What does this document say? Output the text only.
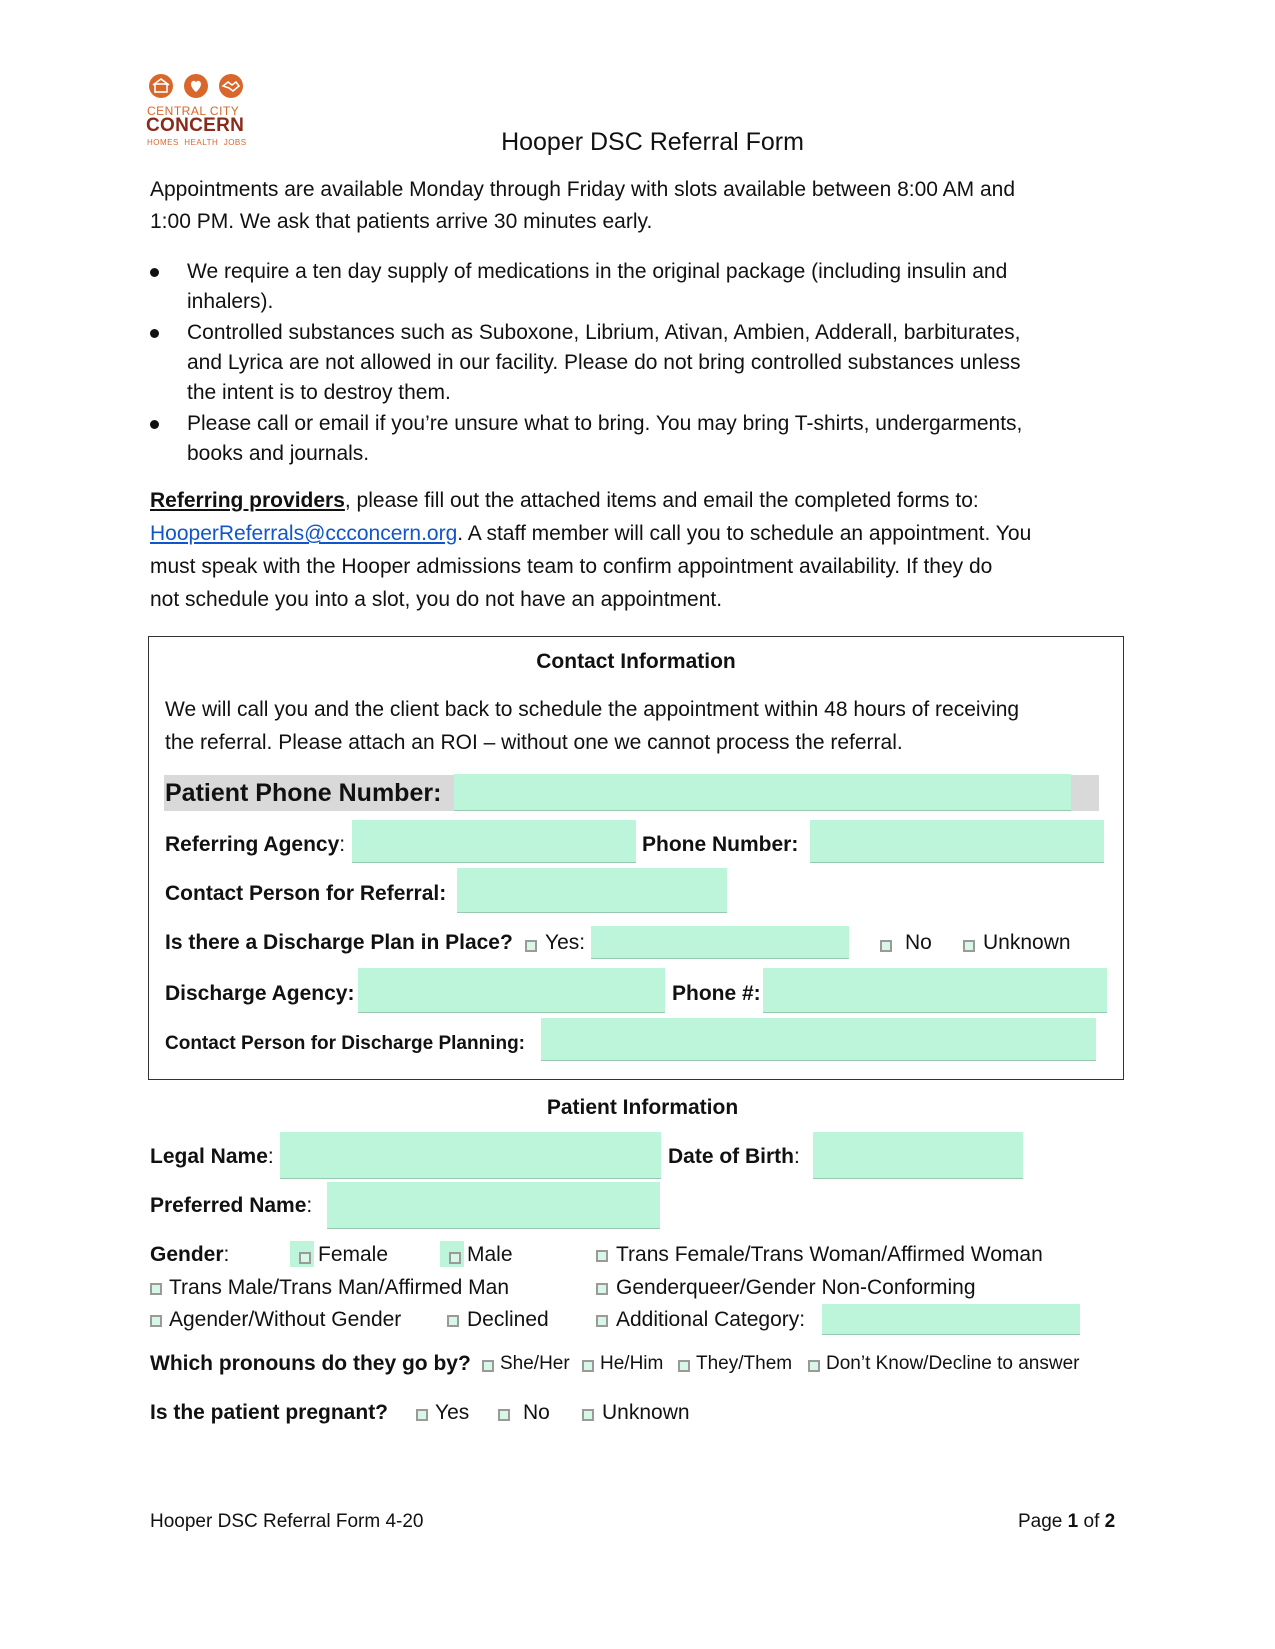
CENTRAL CITY
CONCERN
HOMES  HEALTH  JOBS	Hooper DSC Referral Form
Appointments are available Monday through Friday with slots available between 8:00 AM and
1:00 PM. We ask that patients arrive 30 minutes early.
We require a ten day supply of medications in the original package (including insulin and
inhalers).
Controlled substances such as Suboxone, Librium, Ativan, Ambien, Adderall, barbiturates,
and Lyrica are not allowed in our facility. Please do not bring controlled substances unless
the intent is to destroy them.
Please call or email if you’re unsure what to bring. You may bring T-shirts, undergarments,
books and journals.
Referring providers, please fill out the attached items and email the completed forms to:
HooperReferrals@ccconcern.org. A staff member will call you to schedule an appointment. You
must speak with the Hooper admissions team to confirm appointment availability. If they do
not schedule you into a slot, you do not have an appointment.
Contact Information
We will call you and the client back to schedule the appointment within 48 hours of receiving
the referral. Please attach an ROI – without one we cannot process the referral.
Patient Phone Number:
Referring Agency:	Phone Number:
Contact Person for Referral:
Is there a Discharge Plan in Place? Yes:	No Unknown
Discharge Agency:	Phone #:
Contact Person for Discharge Planning:
Patient Information
Legal Name:	Date of Birth:
Preferred Name:
Gender:	Female	Male	Trans Female/Trans Woman/Affirmed Woman
Trans Male/Trans Man/Affirmed Man	Genderqueer/Gender Non-Conforming
Agender/Without Gender	Declined	Additional Category:
Which pronouns do they go by? She/Her He/Him They/Them Don’t Know/Decline to answer
Is the patient pregnant? Yes	No Unknown
Hooper DSC Referral Form 4-20	Page 1 of 2
